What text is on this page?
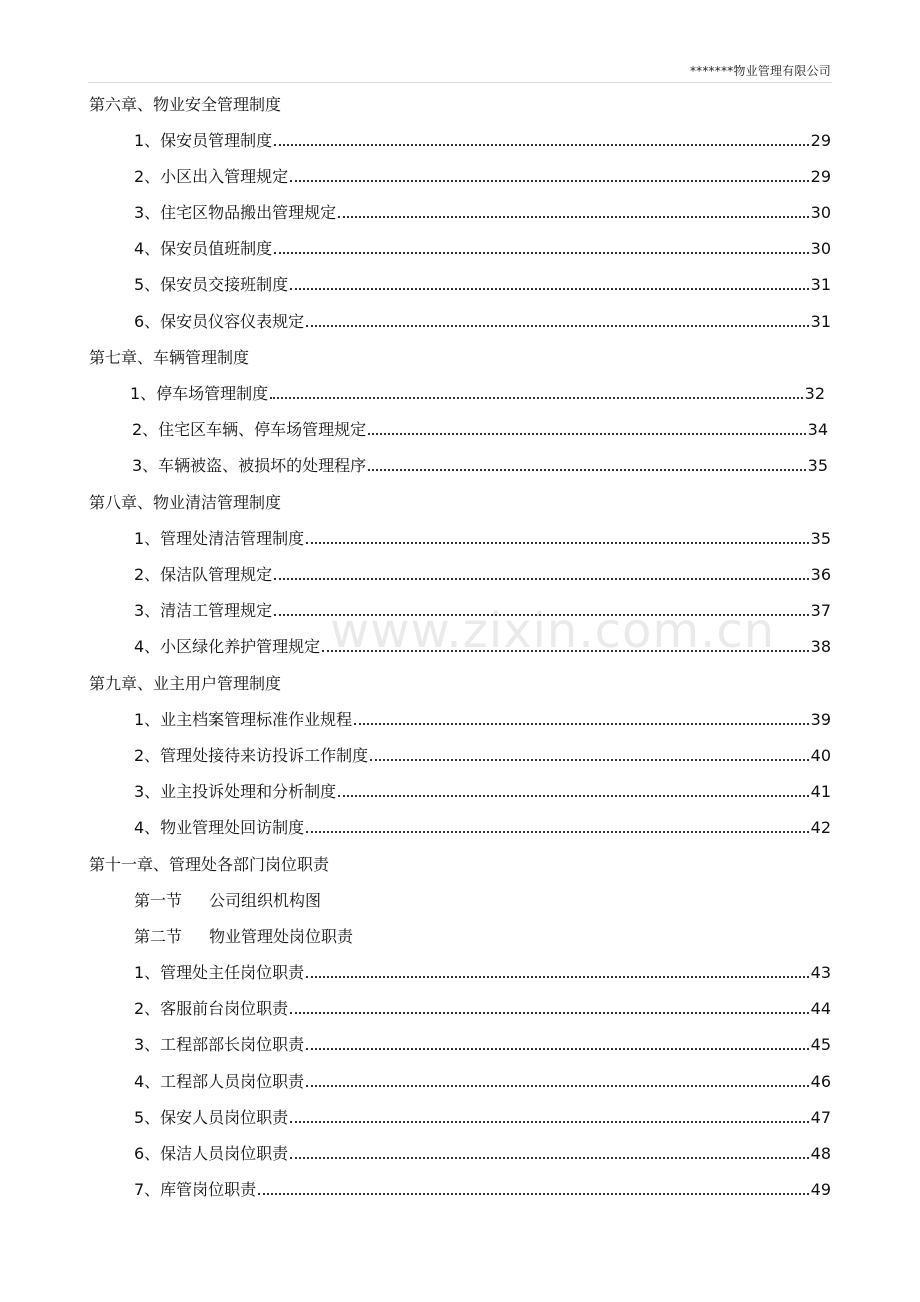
*******物业管理有限公司
www.zixin.com.cn
第六章、物业安全管理制度
1、保安员管理制度	29
2、小区出入管理规定	29
3、住宅区物品搬出管理规定	30
4、保安员值班制度	30
5、保安员交接班制度	31
6、保安员仪容仪表规定	31
第七章、车辆管理制度
1、停车场管理制度	32
2、住宅区车辆、停车场管理规定	34
3、车辆被盗、被损坏的处理程序	35
第八章、物业清洁管理制度
1、管理处清洁管理制度	35
2、保洁队管理规定	36
3、清洁工管理规定	37
4、小区绿化养护管理规定	38
第九章、业主用户管理制度
1、业主档案管理标准作业规程	39
2、管理处接待来访投诉工作制度	40
3、业主投诉处理和分析制度	41
4、物业管理处回访制度	42
第十一章、管理处各部门岗位职责
第一节	公司组织机构图
第二节	物业管理处岗位职责
1、管理处主任岗位职责	43
2、客服前台岗位职责	44
3、工程部部长岗位职责	45
4、工程部人员岗位职责	46
5、保安人员岗位职责	47
6、保洁人员岗位职责	48
7、库管岗位职责	49
